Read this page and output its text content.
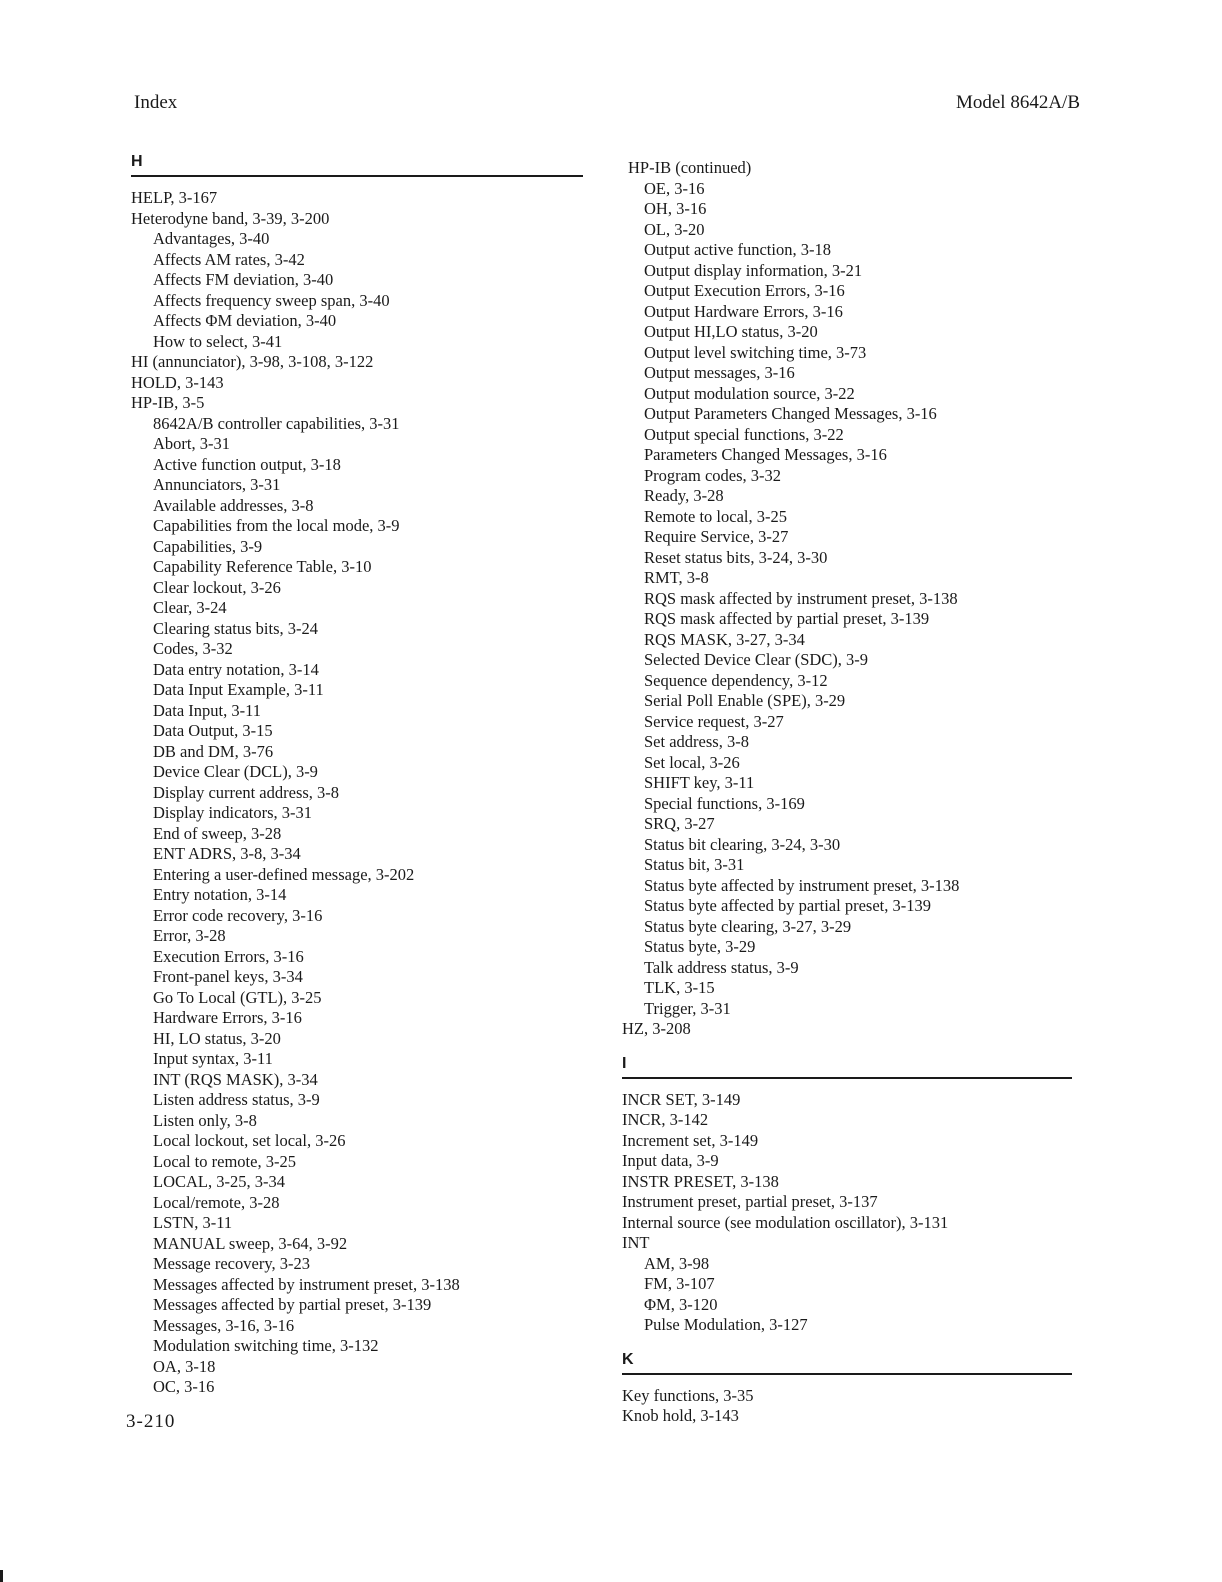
Index	Model 8642A/B
H
HELP, 3-167
Heterodyne band, 3-39, 3-200
Advantages, 3-40
Affects AM rates, 3-42
Affects FM deviation, 3-40
Affects frequency sweep span, 3-40
Affects ΦM deviation, 3-40
How to select, 3-41
HI (annunciator), 3-98, 3-108, 3-122
HOLD, 3-143
HP-IB, 3-5
8642A/B controller capabilities, 3-31
Abort, 3-31
Active function output, 3-18
Annunciators, 3-31
Available addresses, 3-8
Capabilities from the local mode, 3-9
Capabilities, 3-9
Capability Reference Table, 3-10
Clear lockout, 3-26
Clear, 3-24
Clearing status bits, 3-24
Codes, 3-32
Data entry notation, 3-14
Data Input Example, 3-11
Data Input, 3-11
Data Output, 3-15
DB and DM, 3-76
Device Clear (DCL), 3-9
Display current address, 3-8
Display indicators, 3-31
End of sweep, 3-28
ENT ADRS, 3-8, 3-34
Entering a user-defined message, 3-202
Entry notation, 3-14
Error code recovery, 3-16
Error, 3-28
Execution Errors, 3-16
Front-panel keys, 3-34
Go To Local (GTL), 3-25
Hardware Errors, 3-16
HI, LO status, 3-20
Input syntax, 3-11
INT (RQS MASK), 3-34
Listen address status, 3-9
Listen only, 3-8
Local lockout, set local, 3-26
Local to remote, 3-25
LOCAL, 3-25, 3-34
Local/remote, 3-28
LSTN, 3-11
MANUAL sweep, 3-64, 3-92
Message recovery, 3-23
Messages affected by instrument preset, 3-138
Messages affected by partial preset, 3-139
Messages, 3-16, 3-16
Modulation switching time, 3-132
OA, 3-18
OC, 3-16
HP-IB (continued)
OE, 3-16
OH, 3-16
OL, 3-20
Output active function, 3-18
Output display information, 3-21
Output Execution Errors, 3-16
Output Hardware Errors, 3-16
Output HI,LO status, 3-20
Output level switching time, 3-73
Output messages, 3-16
Output modulation source, 3-22
Output Parameters Changed Messages, 3-16
Output special functions, 3-22
Parameters Changed Messages, 3-16
Program codes, 3-32
Ready, 3-28
Remote to local, 3-25
Require Service, 3-27
Reset status bits, 3-24, 3-30
RMT, 3-8
RQS mask affected by instrument preset, 3-138
RQS mask affected by partial preset, 3-139
RQS MASK, 3-27, 3-34
Selected Device Clear (SDC), 3-9
Sequence dependency, 3-12
Serial Poll Enable (SPE), 3-29
Service request, 3-27
Set address, 3-8
Set local, 3-26
SHIFT key, 3-11
Special functions, 3-169
SRQ, 3-27
Status bit clearing, 3-24, 3-30
Status bit, 3-31
Status byte affected by instrument preset, 3-138
Status byte affected by partial preset, 3-139
Status byte clearing, 3-27, 3-29
Status byte, 3-29
Talk address status, 3-9
TLK, 3-15
Trigger, 3-31
HZ, 3-208
I
INCR SET, 3-149
INCR, 3-142
Increment set, 3-149
Input data, 3-9
INSTR PRESET, 3-138
Instrument preset, partial preset, 3-137
Internal source (see modulation oscillator), 3-131
INT
AM, 3-98
FM, 3-107
ΦM, 3-120
Pulse Modulation, 3-127
K
Key functions, 3-35
Knob hold, 3-143
3-210
